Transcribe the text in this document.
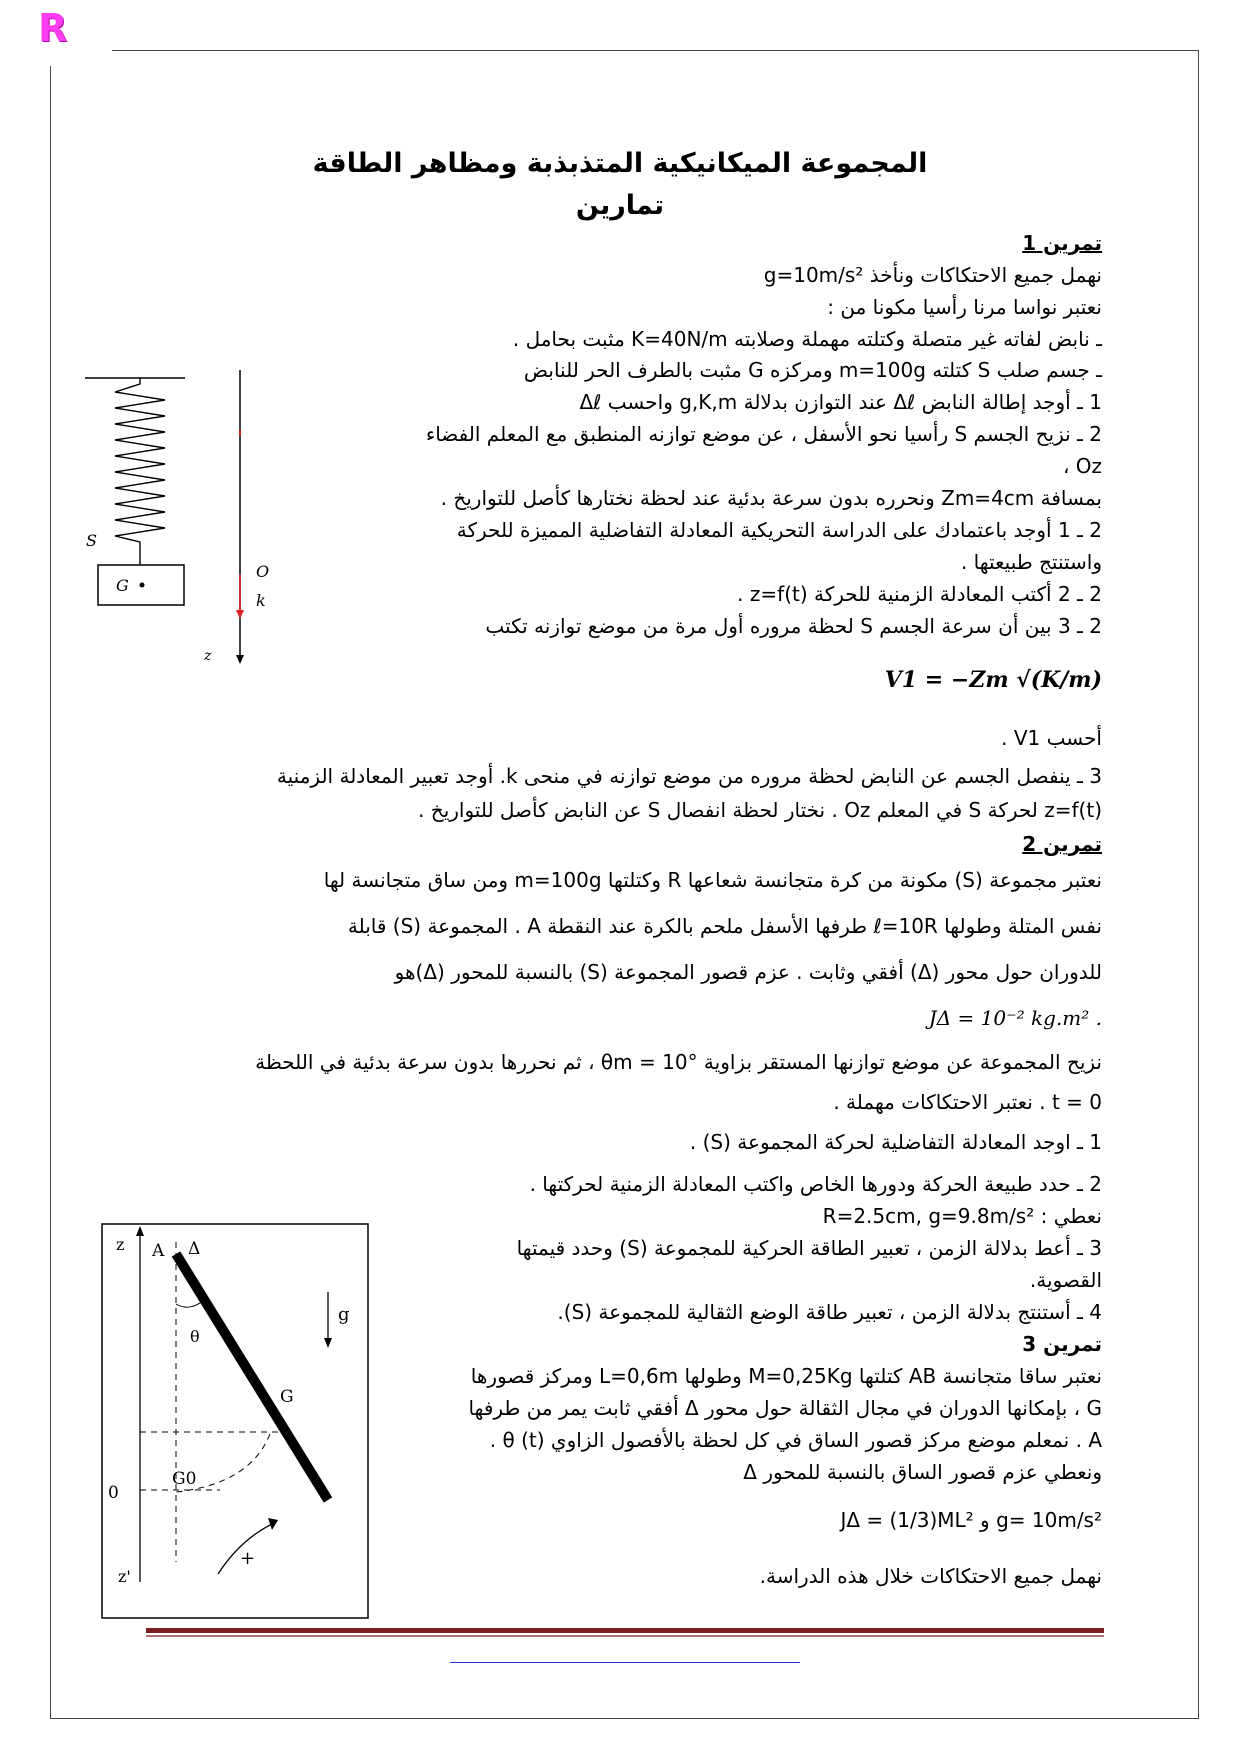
R
المجموعة الميكانيكية المتذبذبة ومظاهر الطاقة
تمارين
تمرين 1
نهمل جميع الاحتكاكات ونأخذ g=10m/s²
نعتبر نواسا مرنا رأسيا مكونا من :
ـ نابض لفاته غير متصلة وكتلته مهملة وصلابته K=40N/m مثبت بحامل .
ـ جسم صلب S كتلته m=100g ومركزه G مثبت بالطرف الحر للنابض
1 ـ أوجد إطالة النابض Δℓ عند التوازن بدلالة g,K,m واحسب Δℓ
2 ـ نزيح الجسم S رأسيا نحو الأسفل ، عن موضع توازنه المنطبق مع المعلم الفضاء
Oz ،
بمسافة Zm=4cm ونحرره بدون سرعة بدئية عند لحظة نختارها كأصل للتواريخ .
2 ـ 1 أوجد باعتمادك على الدراسة التحريكية المعادلة التفاضلية المميزة للحركة
واستنتج طبيعتها .
2 ـ 2 أكتب المعادلة الزمنية للحركة z=f(t) .
2 ـ 3 بين أن سرعة الجسم S لحظة مروره أول مرة من موضع توازنه تكتب
V1 = −Zm √(K/m)
أحسب V1 .
3 ـ ينفصل الجسم عن النابض لحظة مروره من موضع توازنه في منحى k. أوجد تعبير المعادلة الزمنية
z=f(t) لحركة S في المعلم Oz . نختار لحظة انفصال S عن النابض كأصل للتواريخ .
تمرين 2
نعتبر مجموعة (S) مكونة من كرة متجانسة شعاعها R وكتلتها m=100g ومن ساق متجانسة لها
نفس المتلة وطولها ℓ=10R طرفها الأسفل ملحم بالكرة عند النقطة A . المجموعة (S) قابلة
للدوران حول محور (Δ) أفقي وثابت . عزم قصور المجموعة (S) بالنسبة للمحور (Δ)هو
. JΔ = 10⁻² kg.m²
نزيح المجموعة عن موضع توازنها المستقر بزاوية θm = 10° ، ثم نحررها بدون سرعة بدئية في اللحظة
t = 0 . نعتبر الاحتكاكات مهملة .
1 ـ اوجد المعادلة التفاضلية لحركة المجموعة (S) .
2 ـ حدد طبيعة الحركة ودورها الخاص واكتب المعادلة الزمنية لحركتها .
نعطي : R=2.5cm, g=9.8m/s²
3 ـ أعط بدلالة الزمن ، تعبير الطاقة الحركية للمجموعة (S) وحدد قيمتها
القصوية.
4 ـ أستنتج بدلالة الزمن ، تعبير طاقة الوضع الثقالية للمجموعة (S).
تمرين 3
نعتبر ساقا متجانسة AB كتلتها M=0,25Kg وطولها L=0,6m ومركز قصورها
G ، بإمكانها الدوران في مجال الثقالة حول محور Δ أفقي ثابت يمر من طرفها
A . نمعلم موضع مركز قصور الساق في كل لحظة بالأفصول الزاوي θ (t) .
ونعطي عزم قصور الساق بالنسبة للمحور Δ
g= 10m/s² و JΔ = (1/3)ML²
نهمل جميع الاحتكاكات خلال هذه الدراسة.
G
S
O
k
z
z A Δ
θ
G
g
G0
0
z'
+
